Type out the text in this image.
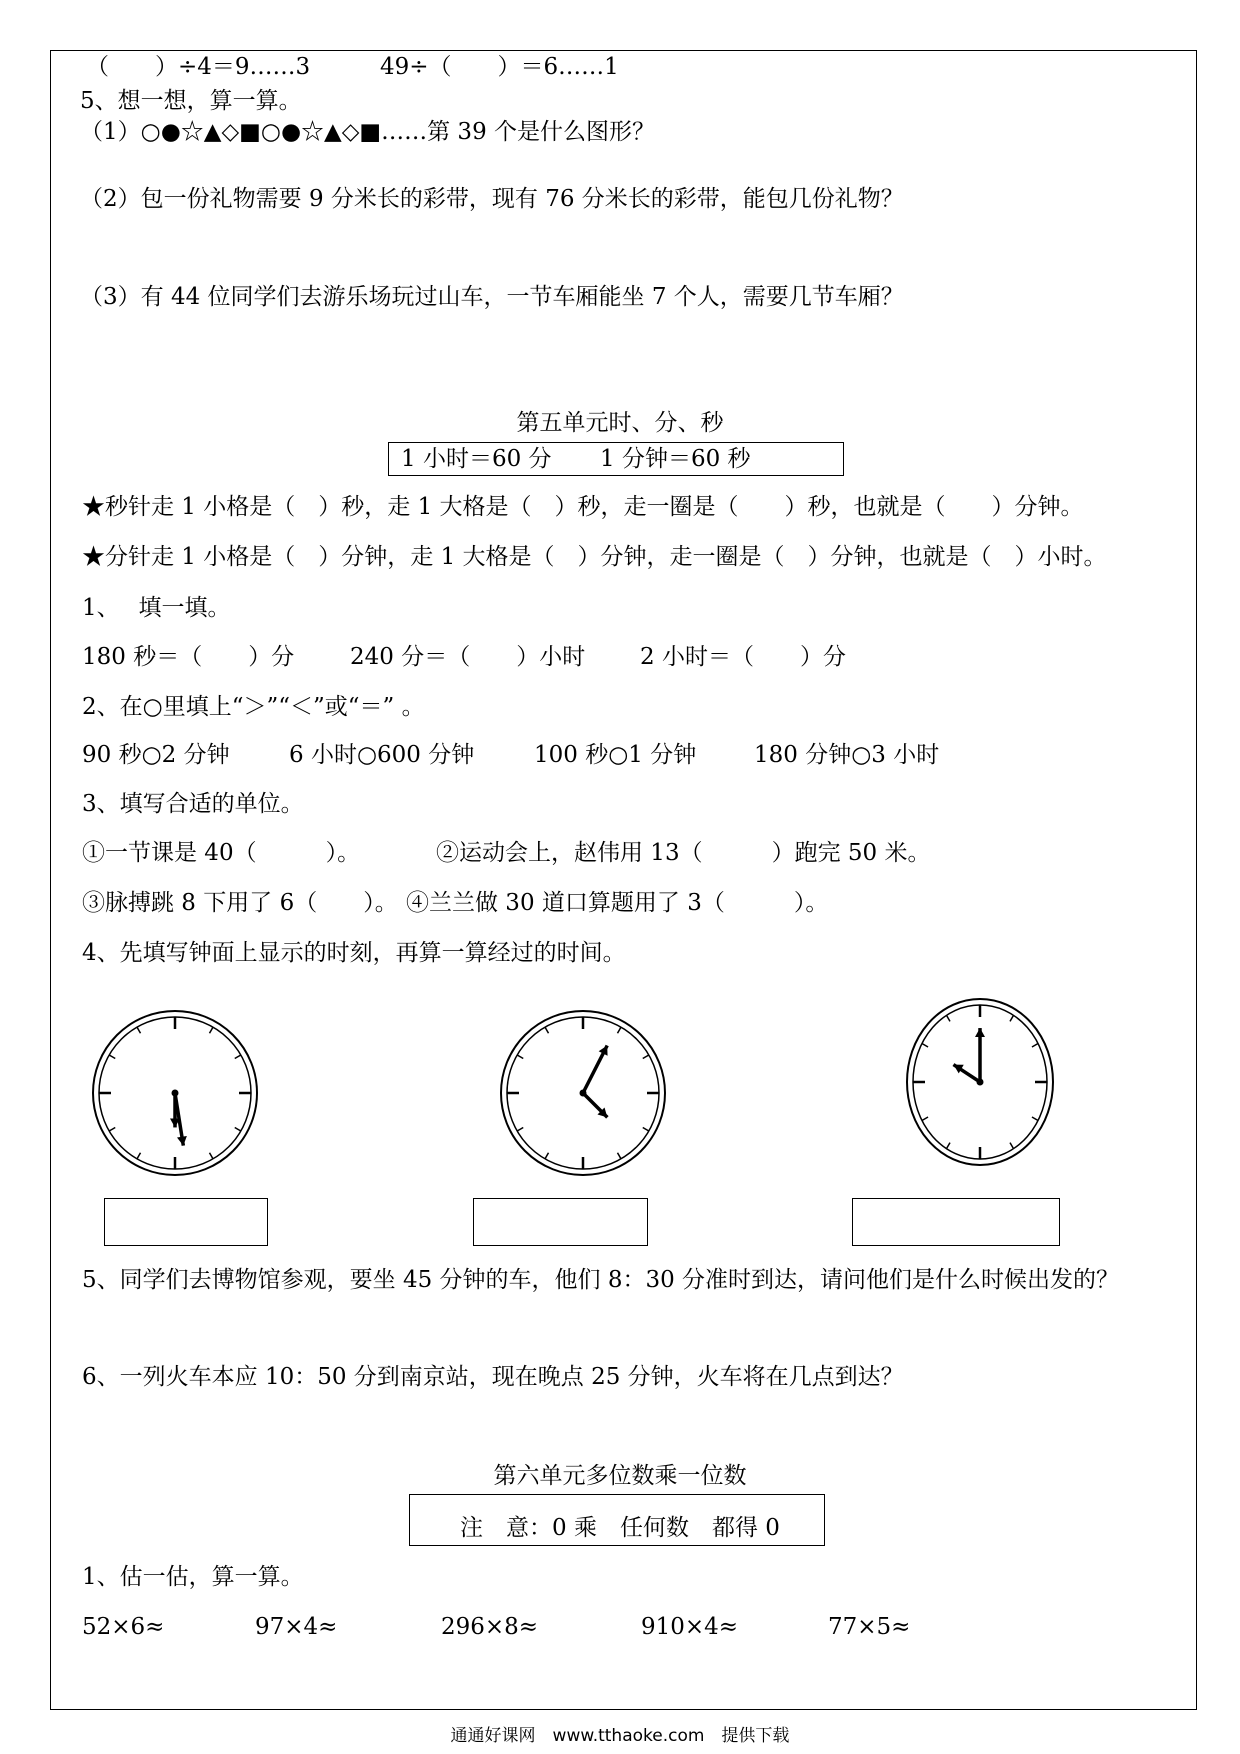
（　　）÷4＝9……3	49÷（　　）＝6……1
5、想一想，算一算。
（1）○●☆▲◇■○●☆▲◇■……第 39 个是什么图形？
（2）包一份礼物需要 9 分米长的彩带，现有 76 分米长的彩带，能包几份礼物？
（3）有 44 位同学们去游乐场玩过山车，一节车厢能坐 7 个人，需要几节车厢？
第五单元时、分、秒
1 小时＝60 分 1 分钟＝60 秒
★秒针走 1 小格是（　）秒，走 1 大格是（　）秒，走一圈是（　　）秒，也就是（　　）分钟。
★分针走 1 小格是（　）分钟，走 1 大格是（　）分钟，走一圈是（　）分钟，也就是（　）小时。
1、　 填一填。
180 秒＝（　　）分 240 分＝（　　）小时 2 小时＝（　　）分
2、在○里填上“＞”“＜”或“＝” 。
90 秒○2 分钟	6 小时○600 分钟	100 秒○1 分钟	180 分钟○3 小时
3、填写合适的单位。
①一节课是 40（　　　）。	②运动会上，赵伟用 13（　　　）跑完 50 米。
③脉搏跳 8 下用了 6（　　）。 ④兰兰做 30 道口算题用了 3（　　　）。
4、先填写钟面上显示的时刻，再算一算经过的时间。
5、同学们去博物馆参观，要坐 45 分钟的车，他们 8：30 分准时到达，请问他们是什么时候出发的？
6、一列火车本应 10：50 分到南京站，现在晚点 25 分钟，火车将在几点到达？
第六单元多位数乘一位数
注　意：0 乘　任何数　都得 0
1、估一估，算一算。
52×6≈	97×4≈	296×8≈	910×4≈	77×5≈
通通好课网　www.tthaoke.com　提供下载
